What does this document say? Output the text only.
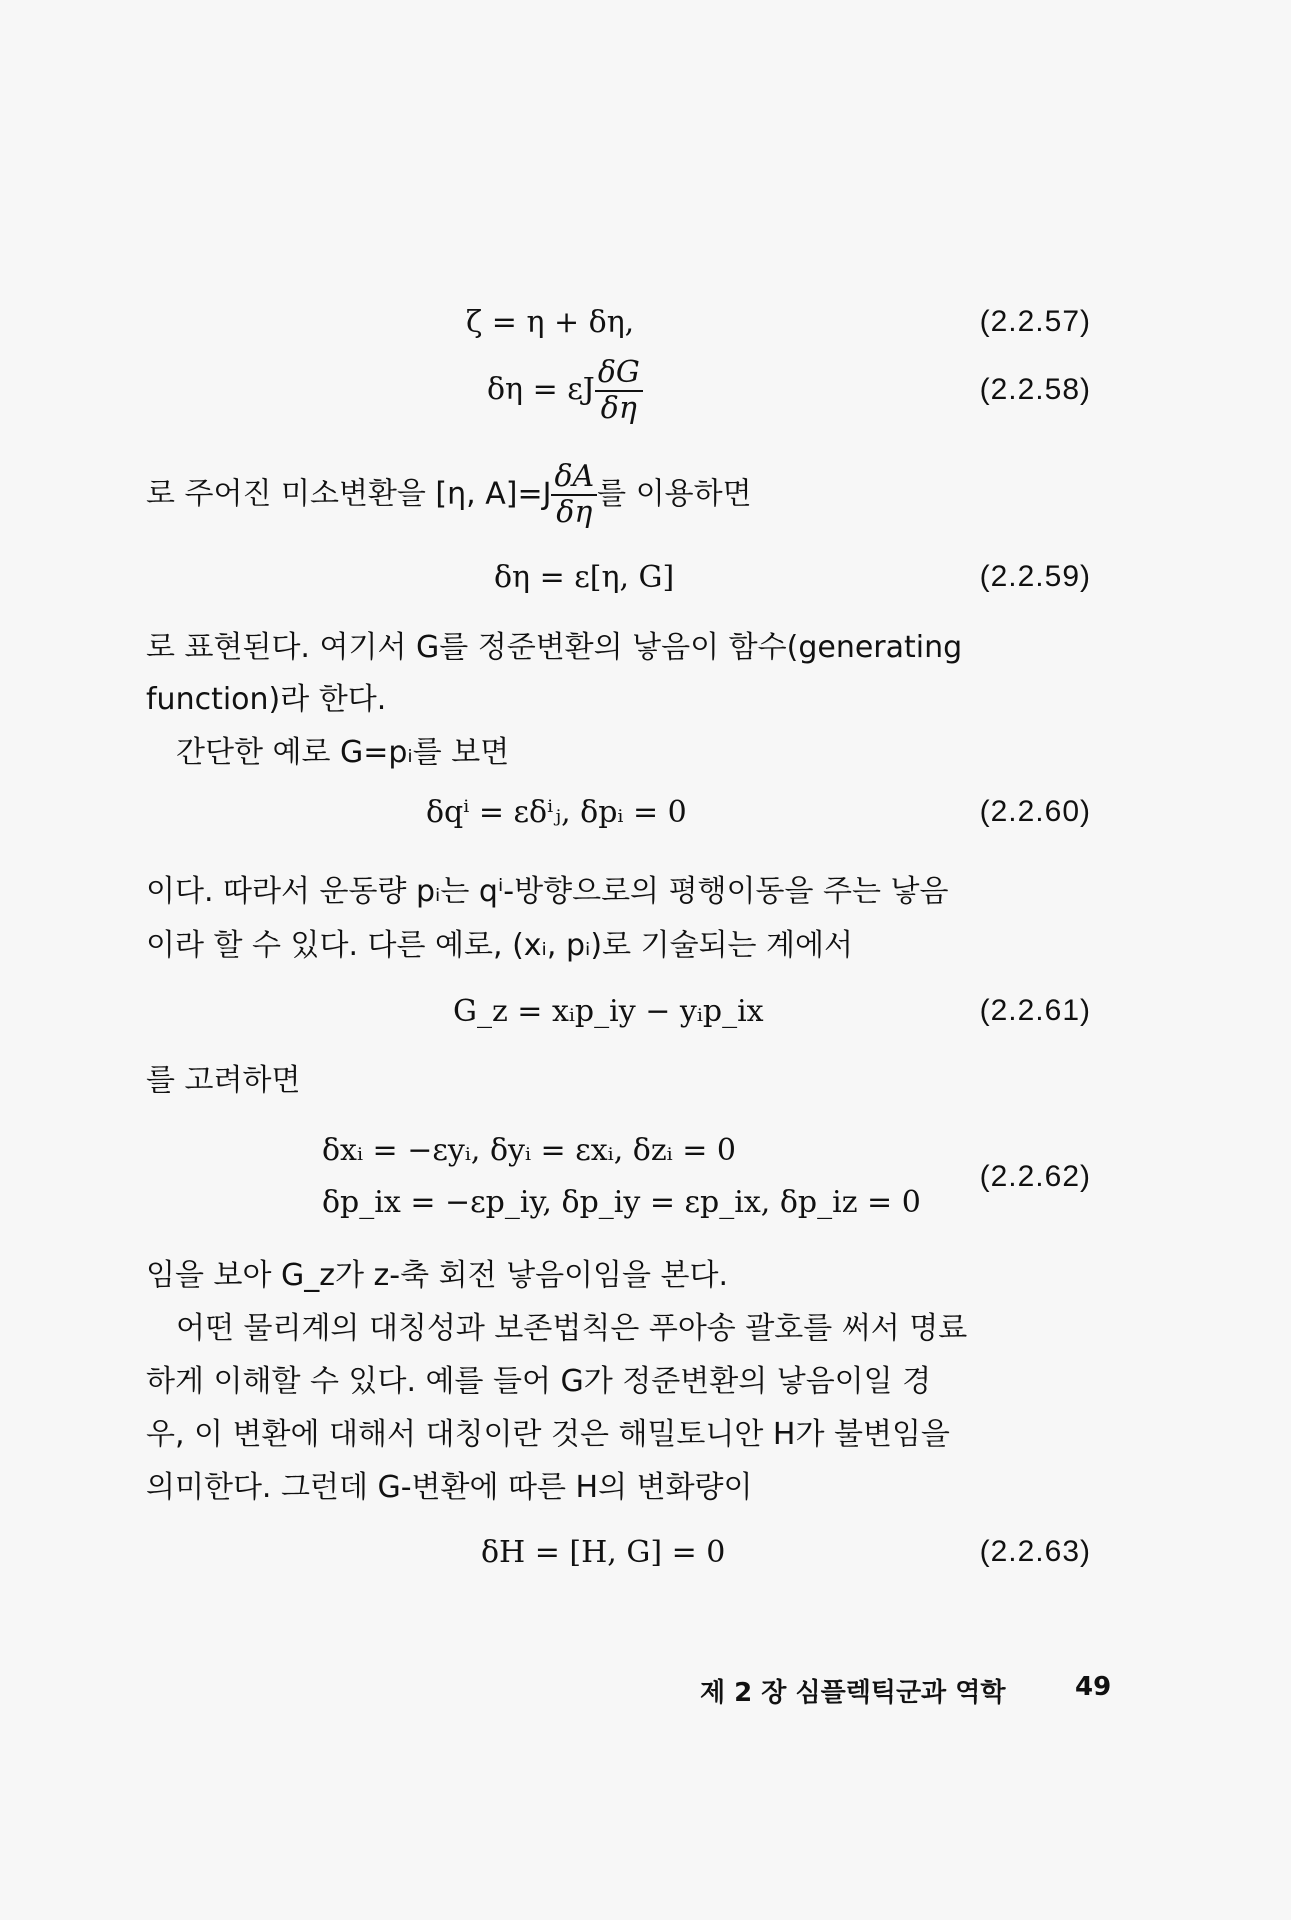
ζ = η + δη,	(2.2.57)
δη = εJ $\frac{\delta G}{\delta\eta}$	(2.2.58)
로 주어진 미소변환을 [η, $A]=J \frac{\delta A}{\delta\eta}$ 를 이용하면
δη = ε[η, G]	(2.2.59)
로 표현된다. 여기서 G를 정준변환의 낳음이 함수(generating
function)라 한다.
간단한 예로 G=pᵢ를 보면
δqⁱ = εδⁱⱼ, δpᵢ = 0	(2.2.60)
이다. 따라서 운동량 pᵢ는 qⁱ-방향으로의 평행이동을 주는 낳음
이라 할 수 있다. 다른 예로, (xᵢ, pᵢ)로 기술되는 계에서
G_z = xᵢp_iy − yᵢp_ix	(2.2.61)
를 고려하면
δxᵢ = −εyᵢ, δyᵢ = εxᵢ, δzᵢ = 0
δp_ix = −εp_iy, δp_iy = εp_ix, δp_iz = 0
(2.2.62)
임을 보아 G_z가 z-축 회전 낳음이임을 본다.
어떤 물리계의 대칭성과 보존법칙은 푸아송 괄호를 써서 명료
하게 이해할 수 있다. 예를 들어 G가 정준변환의 낳음이일 경
우, 이 변환에 대해서 대칭이란 것은 해밀토니안 H가 불변임을
의미한다. 그런데 G-변환에 따른 H의 변화량이
δH = [H, G] = 0	(2.2.63)
제 2 장 심플렉틱군과 역학	49
